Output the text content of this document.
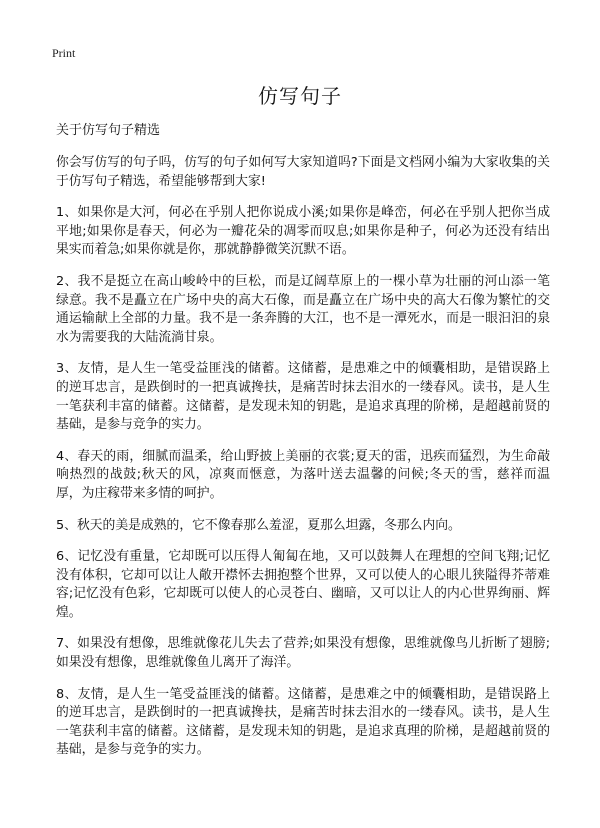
Print
仿写句子

关于仿写句子精选

你会写仿写的句子吗，仿写的句子如何写大家知道吗?下面是文档网小编为大家收集的关于仿写句子精选，希望能够帮到大家!

1、如果你是大河，何必在乎别人把你说成小溪;如果你是峰峦，何必在乎别人把你当成平地;如果你是春天，何必为一瓣花朵的凋零而叹息;如果你是种子，何必为还没有结出果实而着急;如果你就是你，那就静静微笑沉默不语。

2、我不是挺立在高山峻岭中的巨松，而是辽阔草原上的一棵小草为壮丽的河山添一笔绿意。我不是矗立在广场中央的高大石像，而是矗立在广场中央的高大石像为繁忙的交通运输献上全部的力量。我不是一条奔腾的大江，也不是一潭死水，而是一眼汩汩的泉水为需要我的大陆流淌甘泉。

3、友情，是人生一笔受益匪浅的储蓄。这储蓄，是患难之中的倾囊相助，是错误路上的逆耳忠言，是跌倒时的一把真诚搀扶，是痛苦时抹去泪水的一缕春风。读书，是人生一笔获利丰富的储蓄。这储蓄，是发现未知的钥匙，是追求真理的阶梯，是超越前贤的基础，是参与竞争的实力。

4、春天的雨，细腻而温柔，给山野披上美丽的衣裳;夏天的雷，迅疾而猛烈，为生命敲响热烈的战鼓;秋天的风，凉爽而惬意，为落叶送去温馨的问候;冬天的雪，慈祥而温厚，为庄稼带来多情的呵护。

5、秋天的美是成熟的，它不像春那么羞涩，夏那么坦露，冬那么内向。

6、记忆没有重量，它却既可以压得人匍匐在地，又可以鼓舞人在理想的空间飞翔;记忆没有体积，它却可以让人敞开襟怀去拥抱整个世界，又可以使人的心眼儿狭隘得芥蒂难容;记忆没有色彩，它却既可以使人的心灵苍白、幽暗，又可以让人的内心世界绚丽、辉煌。

7、如果没有想像，思维就像花儿失去了营养;如果没有想像，思维就像鸟儿折断了翅膀;如果没有想像，思维就像鱼儿离开了海洋。

8、友情，是人生一笔受益匪浅的储蓄。这储蓄，是患难之中的倾囊相助，是错误路上的逆耳忠言，是跌倒时的一把真诚搀扶，是痛苦时抹去泪水的一缕春风。读书，是人生一笔获利丰富的储蓄。这储蓄，是发现未知的钥匙，是追求真理的阶梯，是超越前贤的基础，是参与竞争的实力。
